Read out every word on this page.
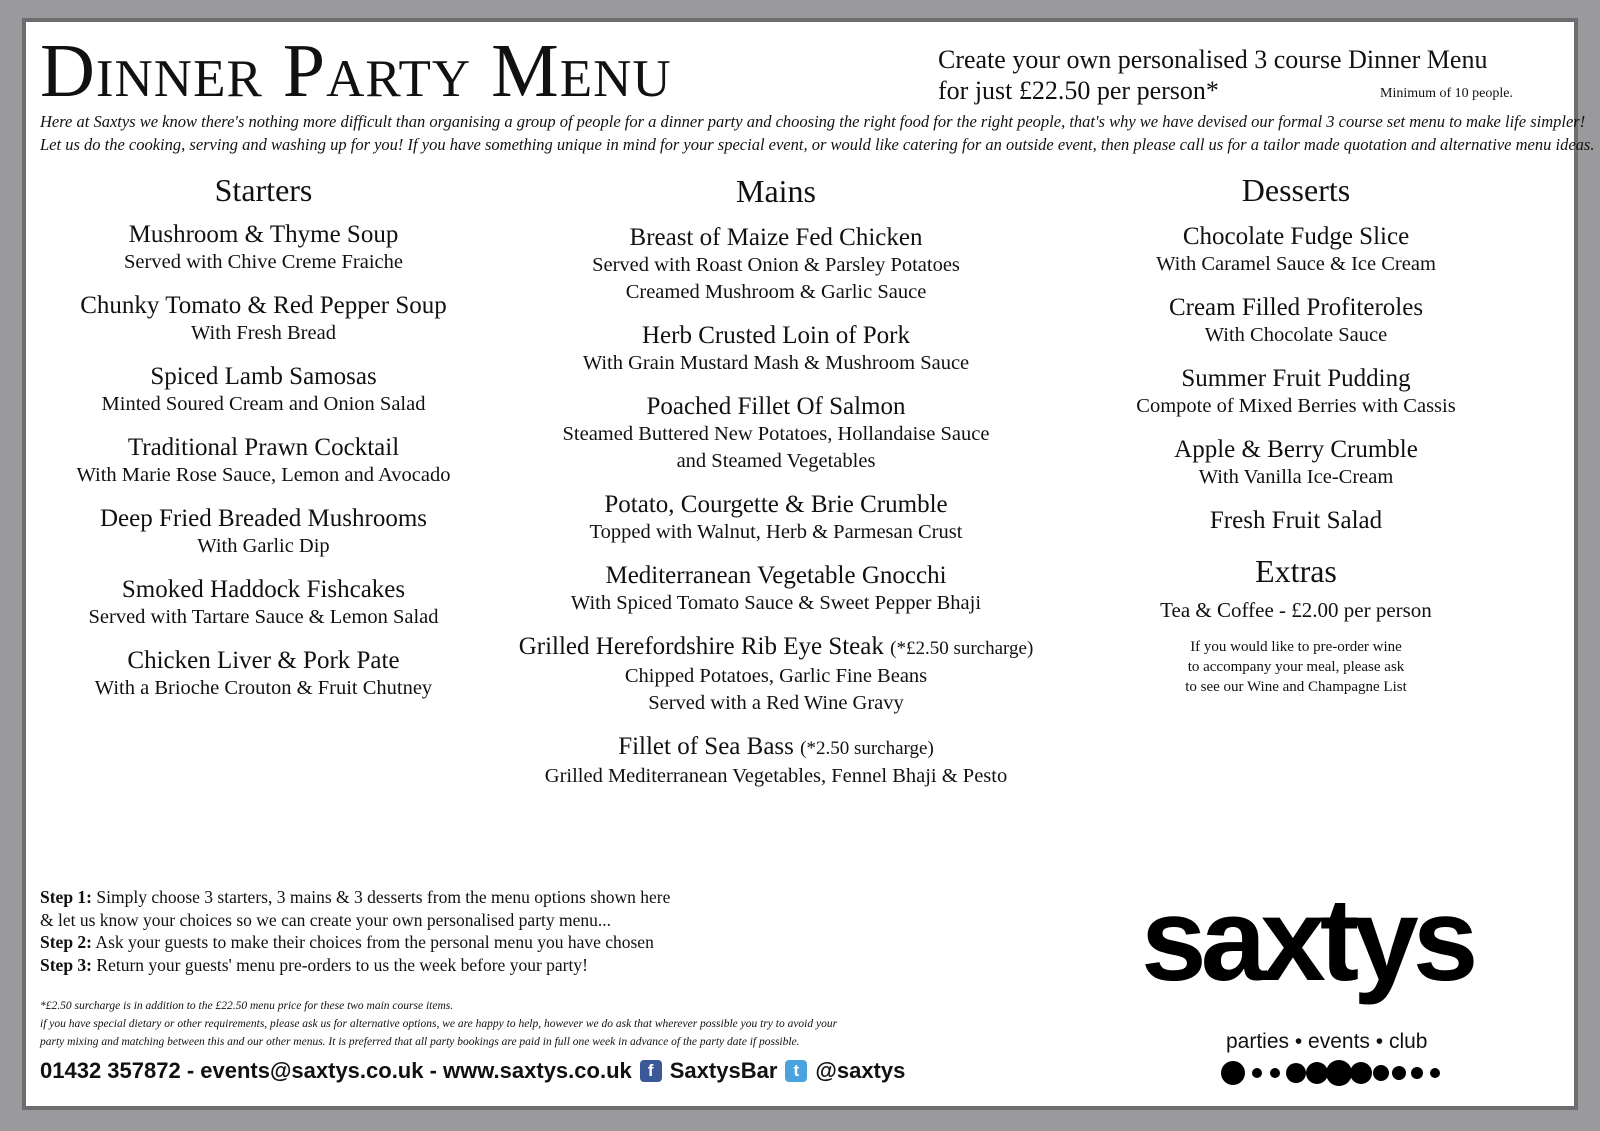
Dinner Party Menu	Create your own personalised 3 course Dinner Menu
for just £22.50 per person*	Minimum of 10 people.
Here at Saxtys we know there's nothing more difficult than organising a group of people for a dinner party and choosing the right food for the right people, that's why we have devised our formal 3 course set menu to make life simpler!
Let us do the cooking, serving and washing up for you! If you have something unique in mind for your special event, or would like catering for an outside event, then please call us for a tailor made quotation and alternative menu ideas.
Starters
Mushroom & Thyme Soup
Served with Chive Creme Fraiche
Chunky Tomato & Red Pepper Soup
With Fresh Bread
Spiced Lamb Samosas
Minted Soured Cream and Onion Salad
Traditional Prawn Cocktail
With Marie Rose Sauce, Lemon and Avocado
Deep Fried Breaded Mushrooms
With Garlic Dip
Smoked Haddock Fishcakes
Served with Tartare Sauce & Lemon Salad
Chicken Liver & Pork Pate
With a Brioche Crouton & Fruit Chutney
Mains
Breast of Maize Fed Chicken
Served with Roast Onion & Parsley Potatoes
Creamed Mushroom & Garlic Sauce
Herb Crusted Loin of Pork
With Grain Mustard Mash & Mushroom Sauce
Poached Fillet Of Salmon
Steamed Buttered New Potatoes, Hollandaise Sauce
and Steamed Vegetables
Potato, Courgette & Brie Crumble
Topped with Walnut, Herb & Parmesan Crust
Mediterranean Vegetable Gnocchi
With Spiced Tomato Sauce & Sweet Pepper Bhaji
Grilled Herefordshire Rib Eye Steak (*£2.50 surcharge)
Chipped Potatoes, Garlic Fine Beans
Served with a Red Wine Gravy
Fillet of Sea Bass (*2.50 surcharge)
Grilled Mediterranean Vegetables, Fennel Bhaji & Pesto
Desserts
Chocolate Fudge Slice
With Caramel Sauce & Ice Cream
Cream Filled Profiteroles
With Chocolate Sauce
Summer Fruit Pudding
Compote of Mixed Berries with Cassis
Apple & Berry Crumble
With Vanilla Ice-Cream
Fresh Fruit Salad
Extras
Tea & Coffee - £2.00 per person
If you would like to pre-order wine
to accompany your meal, please ask
to see our Wine and Champagne List
Step 1: Simply choose 3 starters, 3 mains & 3 desserts from the menu options shown here
& let us know your choices so we can create your own personalised party menu...
Step 2: Ask your guests to make their choices from the personal menu you have chosen
Step 3: Return your guests' menu pre-orders to us the week before your party!
*£2.50 surcharge is in addition to the £22.50 menu price for these two main course items.
if you have special dietary or other requirements, please ask us for alternative options, we are happy to help, however we do ask that wherever possible you try to avoid your
party mixing and matching between this and our other menus. It is preferred that all party bookings are paid in full one week in advance of the party date if possible.
01432 357872 - events@saxtys.co.uk - www.saxtys.co.uk f SaxtysBar t @saxtys
saxtys
parties • events • club
